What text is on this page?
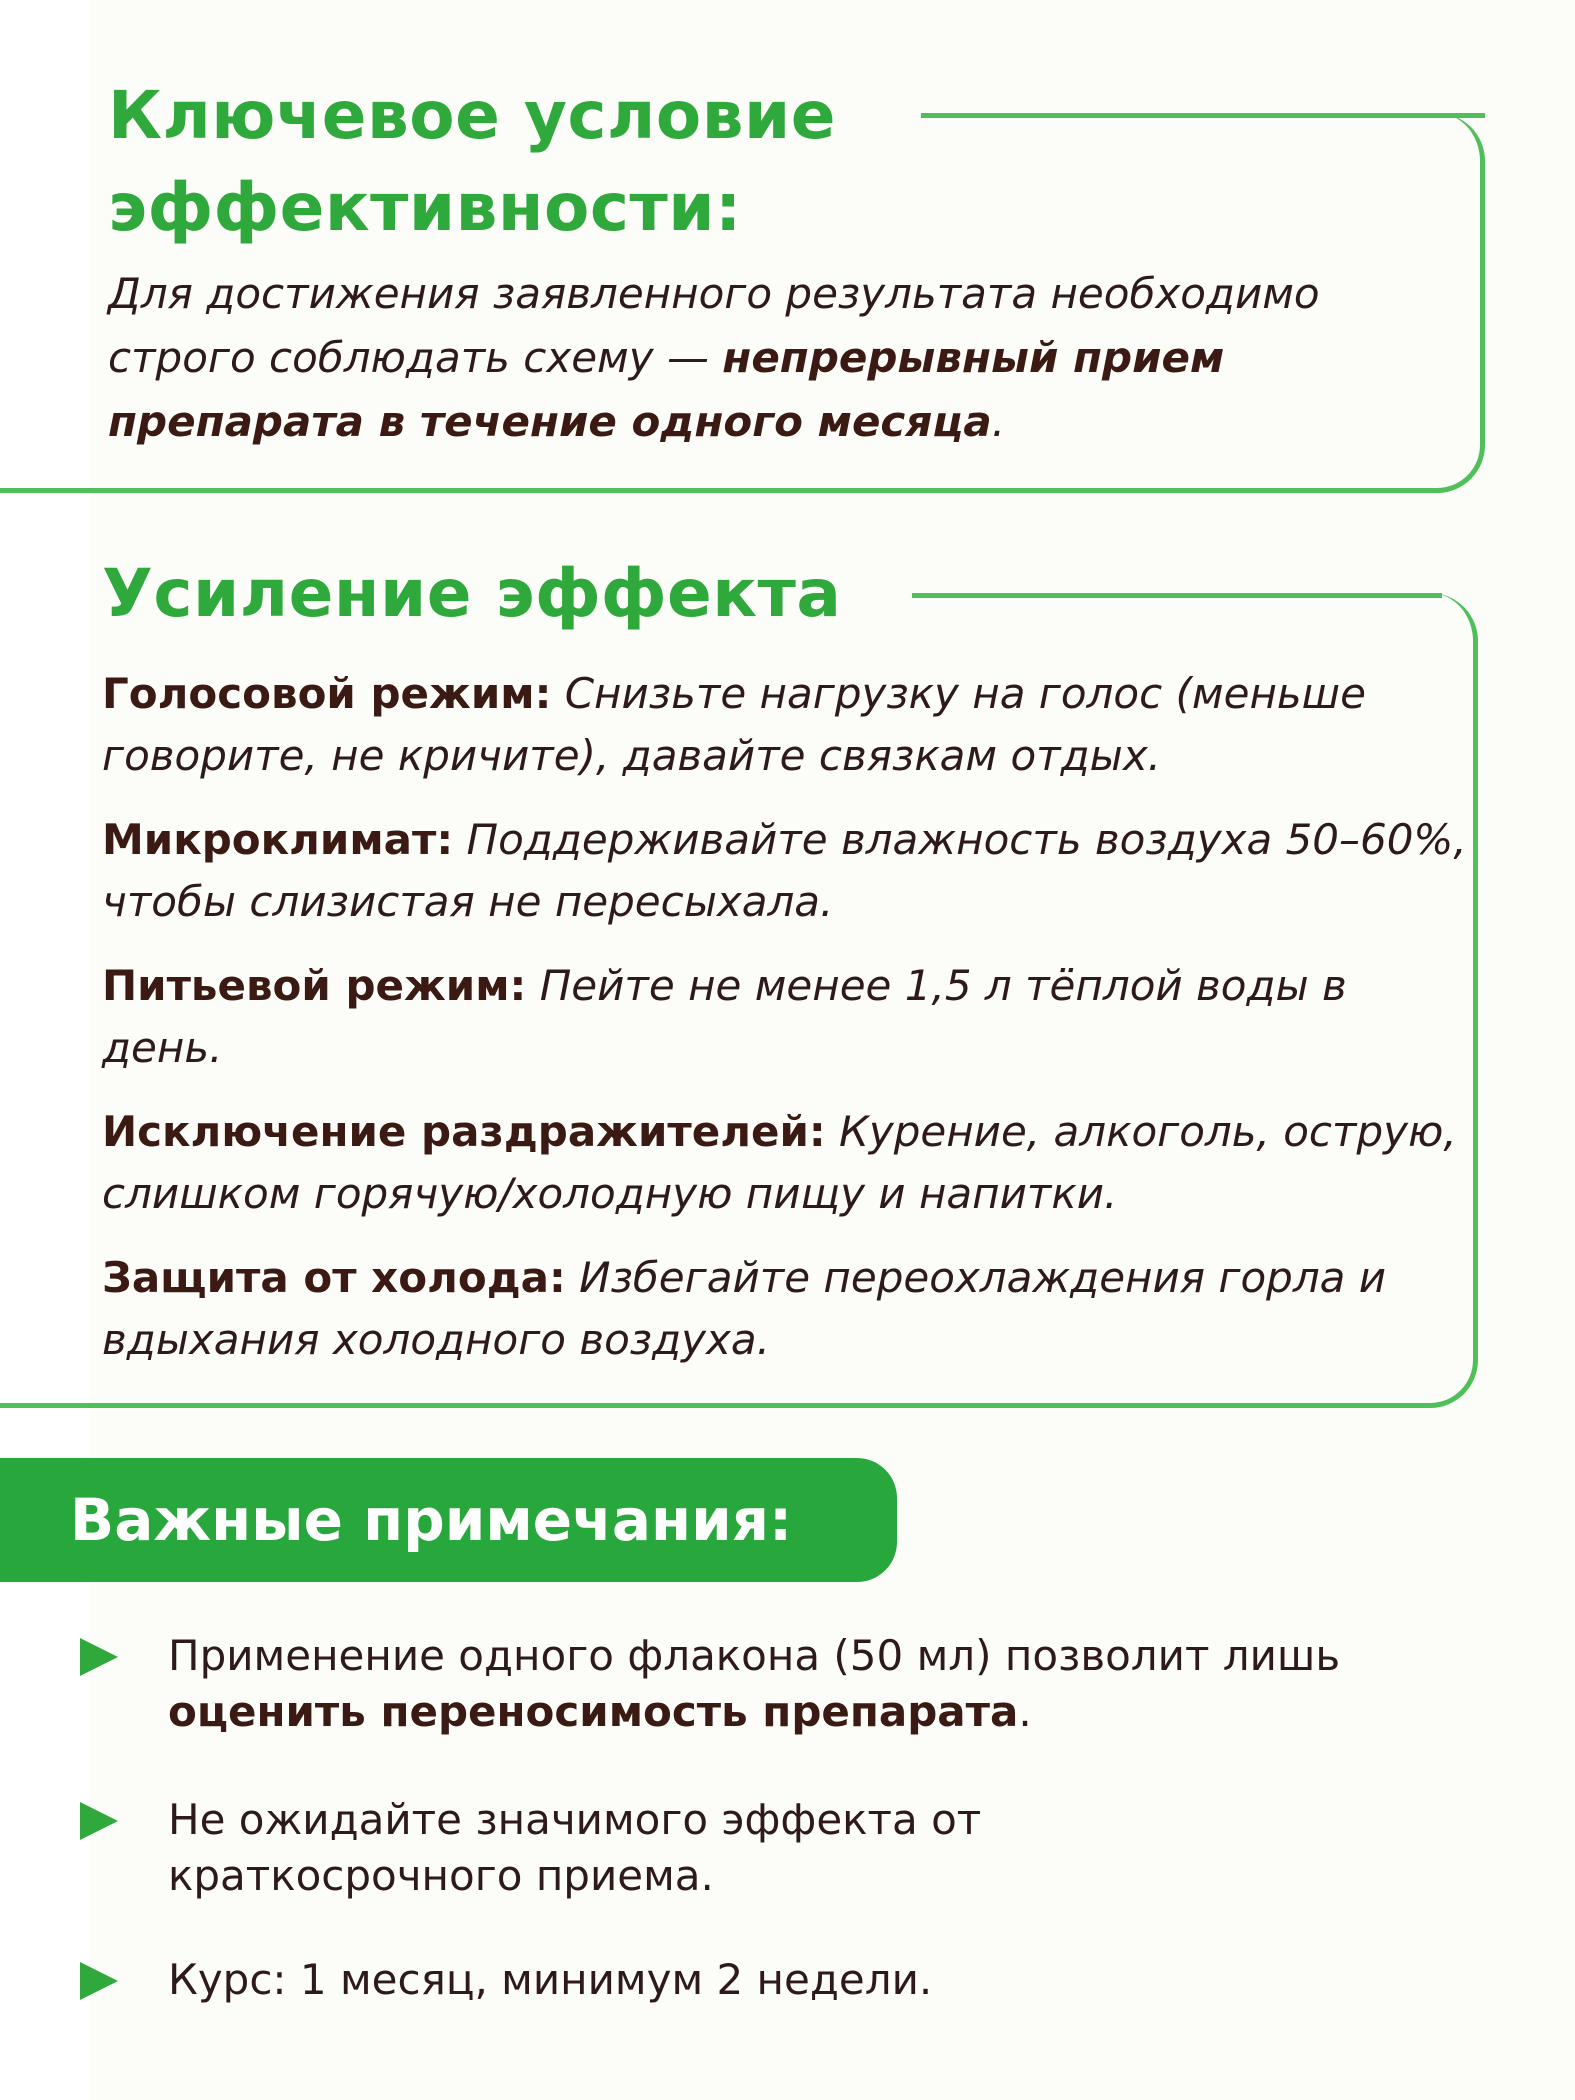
Ключевое условие
эффективности:

Для достижения заявленного результата необходимо строго соблюдать схему — непрерывный прием препарата в течение одного месяца.

Усиление эффекта

Голосовой режим: Снизьте нагрузку на голос (меньше говорите, не кричите), давайте связкам отдых.

Микроклимат: Поддерживайте влажность воздуха 50–60%, чтобы слизистая не пересыхала.

Питьевой режим: Пейте не менее 1,5 л тёплой воды в день.

Исключение раздражителей: Курение, алкоголь, острую, слишком горячую/холодную пищу и напитки.

Защита от холода: Избегайте переохлаждения горла и вдыхания холодного воздуха.

Важные примечания:
Применение одного флакона (50 мл) позволит лишь оценить переносимость препарата.
Не ожидайте значимого эффекта от краткосрочного приема.
Курс: 1 месяц, минимум 2 недели.
